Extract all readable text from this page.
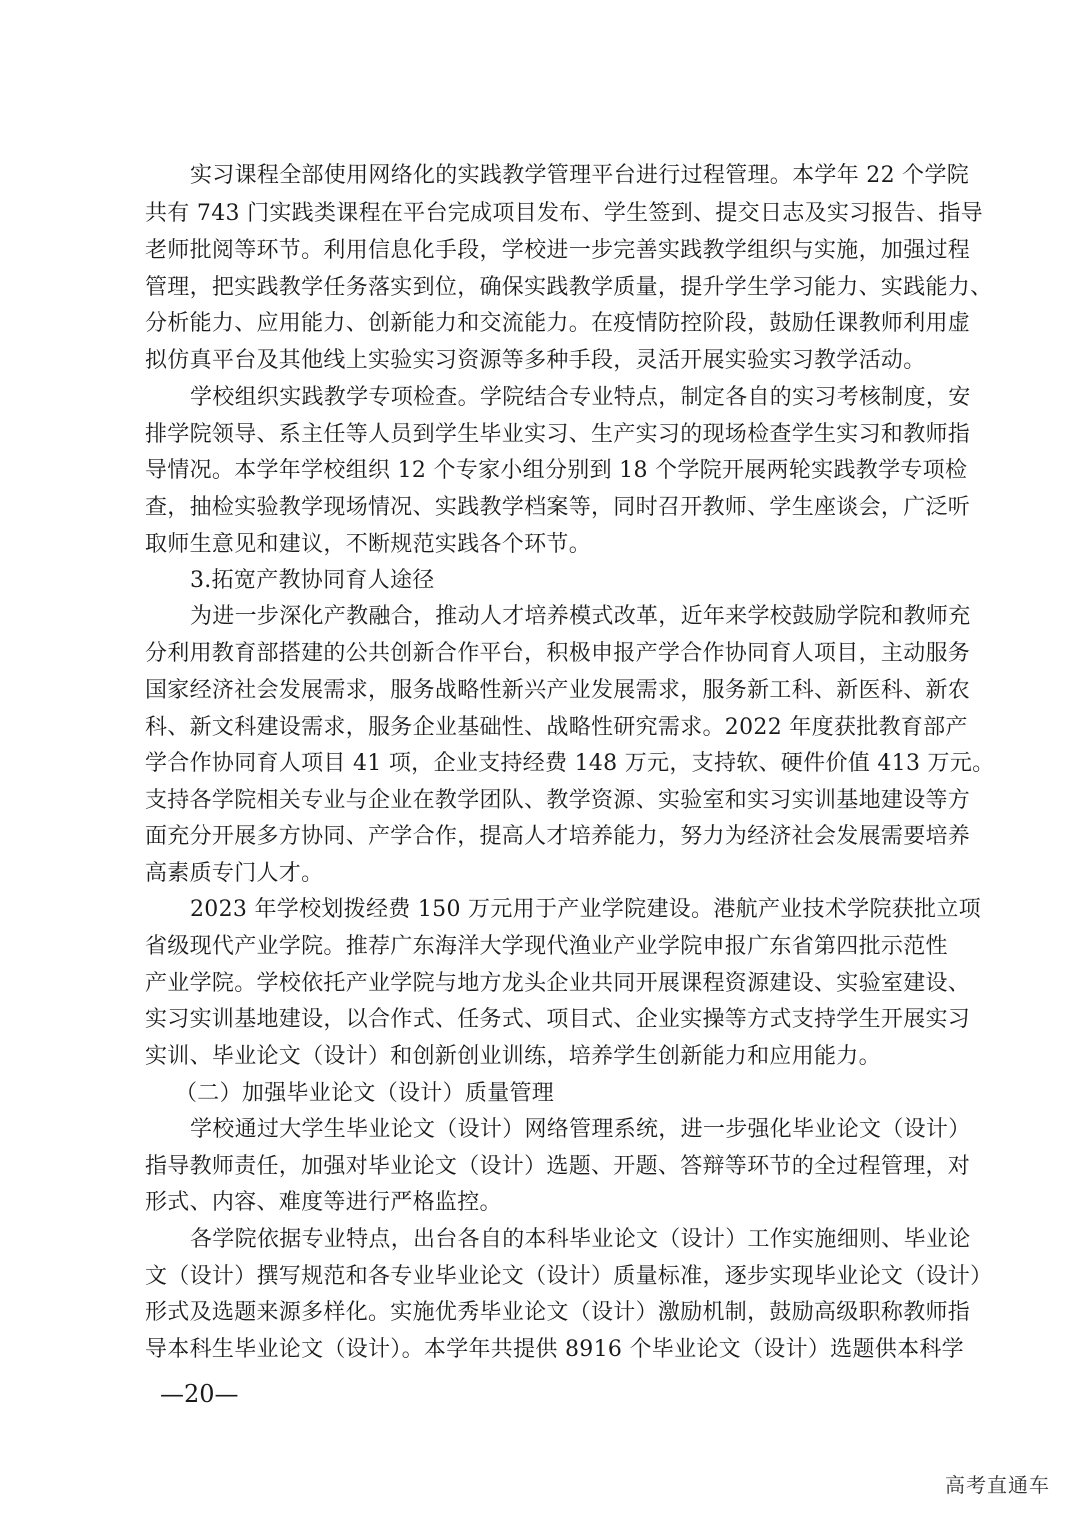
实习课程全部使用网络化的实践教学管理平台进行过程管理。本学年 22 个学院
共有 743 门实践类课程在平台完成项目发布、学生签到、提交日志及实习报告、指导
老师批阅等环节。利用信息化手段，学校进一步完善实践教学组织与实施，加强过程
管理，把实践教学任务落实到位，确保实践教学质量，提升学生学习能力、实践能力、
分析能力、应用能力、创新能力和交流能力。在疫情防控阶段，鼓励任课教师利用虚
拟仿真平台及其他线上实验实习资源等多种手段，灵活开展实验实习教学活动。
学校组织实践教学专项检查。学院结合专业特点，制定各自的实习考核制度，安
排学院领导、系主任等人员到学生毕业实习、生产实习的现场检查学生实习和教师指
导情况。本学年学校组织 12 个专家小组分别到 18 个学院开展两轮实践教学专项检
查，抽检实验教学现场情况、实践教学档案等，同时召开教师、学生座谈会，广泛听
取师生意见和建议，不断规范实践各个环节。
3.拓宽产教协同育人途径
为进一步深化产教融合，推动人才培养模式改革，近年来学校鼓励学院和教师充
分利用教育部搭建的公共创新合作平台，积极申报产学合作协同育人项目，主动服务
国家经济社会发展需求，服务战略性新兴产业发展需求，服务新工科、新医科、新农
科、新文科建设需求，服务企业基础性、战略性研究需求。2022 年度获批教育部产
学合作协同育人项目 41 项，企业支持经费 148 万元，支持软、硬件价值 413 万元。
支持各学院相关专业与企业在教学团队、教学资源、实验室和实习实训基地建设等方
面充分开展多方协同、产学合作，提高人才培养能力，努力为经济社会发展需要培养
高素质专门人才。
2023 年学校划拨经费 150 万元用于产业学院建设。港航产业技术学院获批立项
省级现代产业学院。推荐广东海洋大学现代渔业产业学院申报广东省第四批示范性
产业学院。学校依托产业学院与地方龙头企业共同开展课程资源建设、实验室建设、
实习实训基地建设，以合作式、任务式、项目式、企业实操等方式支持学生开展实习
实训、毕业论文（设计）和创新创业训练，培养学生创新能力和应用能力。
（二）加强毕业论文（设计）质量管理
学校通过大学生毕业论文（设计）网络管理系统，进一步强化毕业论文（设计）
指导教师责任，加强对毕业论文（设计）选题、开题、答辩等环节的全过程管理，对
形式、内容、难度等进行严格监控。
各学院依据专业特点，出台各自的本科毕业论文（设计）工作实施细则、毕业论
文（设计）撰写规范和各专业毕业论文（设计）质量标准，逐步实现毕业论文（设计）
形式及选题来源多样化。实施优秀毕业论文（设计）激励机制，鼓励高级职称教师指
导本科生毕业论文（设计）。本学年共提供 8916 个毕业论文（设计）选题供本科学
—20—
高考直通车
